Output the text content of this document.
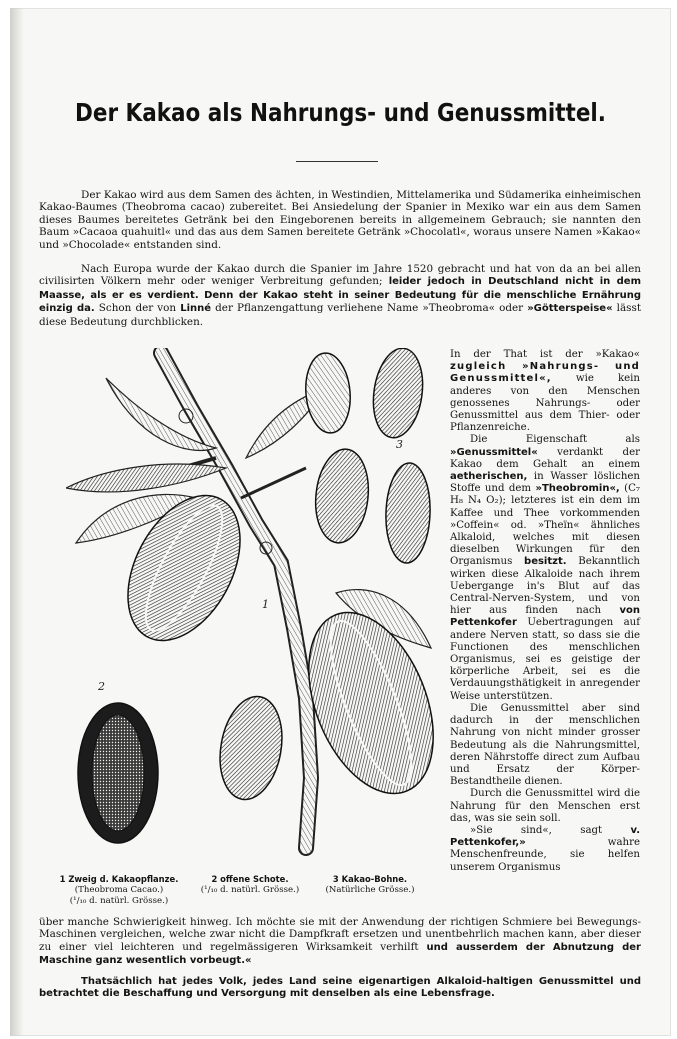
Der Kakao als Nahrungs- und Genussmittel.

Der Kakao wird aus dem Samen des ächten, in Westindien, Mittelamerika und Südamerika einheimischen Kakao-Baumes (Theobroma cacao) zubereitet. Bei Ansiedelung der Spanier in Mexiko war ein aus dem Samen dieses Baumes bereitetes Getränk bei den Eingeborenen bereits in allgemeinem Gebrauch; sie nannten den Baum »Cacaoa quahuitl« und das aus dem Samen bereitete Getränk »Chocolatl«, woraus unsere Namen »Kakao« und »Chocolade« entstanden sind.

Nach Europa wurde der Kakao durch die Spanier im Jahre 1520 gebracht und hat von da an bei allen civilisirten Völkern mehr oder weniger Verbreitung gefunden; leider jedoch in Deutschland nicht in dem Maasse, als er es verdient. Denn der Kakao steht in seiner Bedeutung für die menschliche Ernährung einzig da. Schon der von Linné der Pflanzengattung verliehene Name »Theobroma« oder »Götterspeise« lässt diese Bedeutung durchblicken.

1
2
3
1 Zweig d. Kakaopflanze.
(Theobroma Cacao.)
(¹/₁₀ d. natürl. Grösse.)
2 offene Schote.
(¹/₁₀ d. natürl. Grösse.)
3 Kakao-Bohne.
(Natürliche Grösse.)

In der That ist der »Kakao« zugleich »Nahrungs- und Genussmittel«, wie kein anderes von den Menschen genossenes Nahrungs- oder Genussmittel aus dem Thier- oder Pflanzenreiche.

Die Eigenschaft als »Genussmittel« verdankt der Kakao dem Gehalt an einem aetherischen, in Wasser löslichen Stoffe und dem »Theobromin«, (C₇ H₈ N₄ O₂); letzteres ist ein dem im Kaffee und Thee vorkommenden »Coffein« od. »Theïn« ähnliches Alkaloid, welches mit diesen dieselben Wirkungen für den Organismus besitzt. Bekanntlich wirken diese Alkaloide nach ihrem Uebergange in's Blut auf das Central-Nerven-System, und von hier aus finden nach von Pettenkofer Uebertragungen auf andere Nerven statt, so dass sie die Functionen des menschlichen Organismus, sei es geistige der körperliche Arbeit, sei es die Verdauungsthätigkeit in anregender Weise unterstützen.

Die Genussmittel aber sind dadurch in der menschlichen Nahrung von nicht minder grosser Bedeutung als die Nahrungsmittel, deren Nährstoffe direct zum Aufbau und Ersatz der Körper-Bestandtheile dienen.

Durch die Genussmittel wird die Nahrung für den Menschen erst das, was sie sein soll.

»Sie sind«, sagt	v. Pettenkofer,»	wahre Menschenfreunde, sie helfen unserem Organismus

über manche Schwierigkeit hinweg. Ich möchte sie mit der Anwendung der richtigen Schmiere bei Bewegungs-Maschinen vergleichen, welche zwar nicht die Dampfkraft ersetzen und unentbehrlich machen kann, aber dieser zu einer viel leichteren und regelmässigeren Wirksamkeit verhilft und ausserdem der Abnutzung der Maschine ganz wesentlich vorbeugt.«

Thatsächlich hat jedes Volk, jedes Land seine eigenartigen Alkaloid-haltigen Genussmittel und betrachtet die Beschaffung und Versorgung mit denselben als eine Lebensfrage.
